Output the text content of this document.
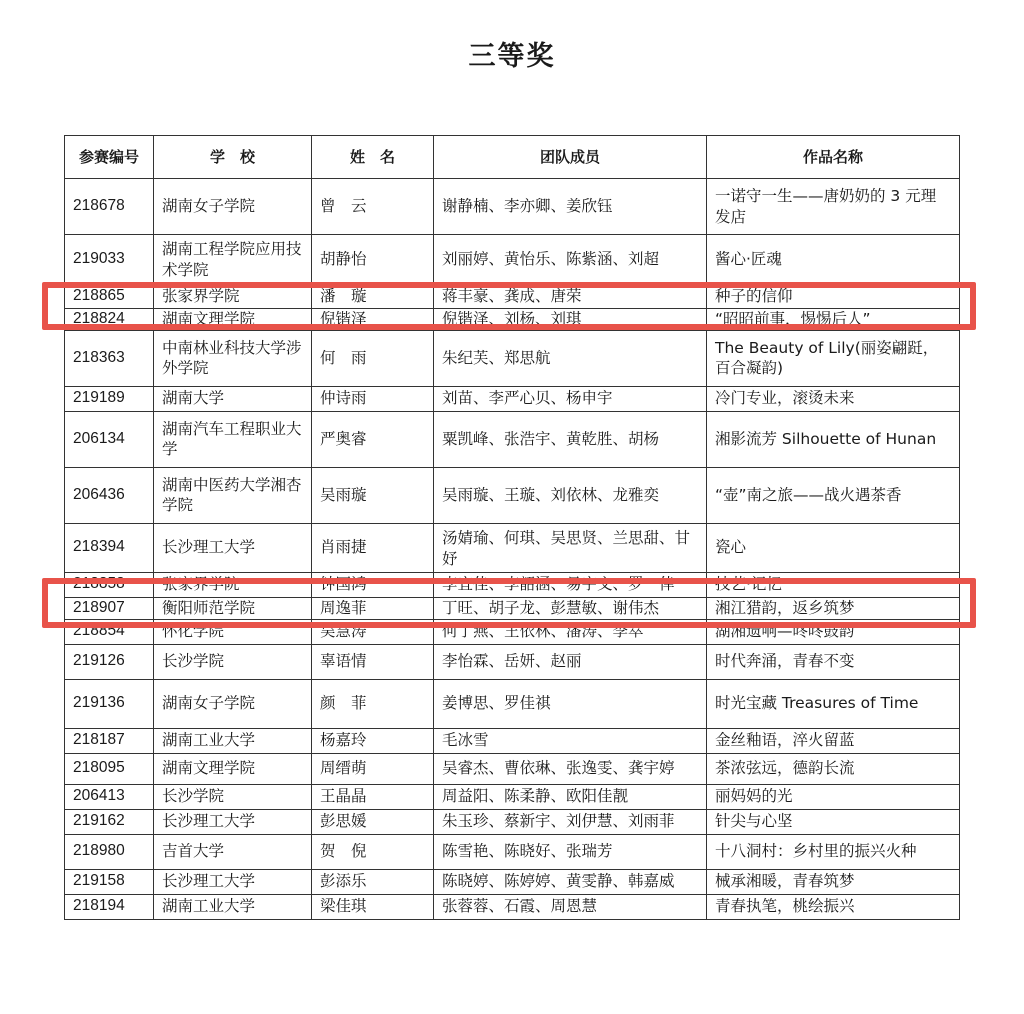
三等奖
参赛编号	学　校	姓　名	团队成员	作品名称
218678	湖南女子学院	曾　云	谢静楠、李亦卿、姜欣钰	一诺守一生——唐奶奶的 3 元理发店
219033	湖南工程学院应用技术学院	胡静怡	刘丽婷、黄怡乐、陈紫涵、刘超	酱心·匠魂
218865	张家界学院	潘　璇	蒋丰豪、龚成、唐荣	种子的信仰

218824	湖南文理学院	倪锴泽	倪锴泽、刘杨、刘琪	“昭昭前事，惕惕后人”

218363	中南林业科技大学涉外学院	何　雨	朱纪芙、郑思航	The Beauty of Lily(丽姿翩跹，百合凝韵)
219189	湖南大学	仲诗雨	刘苗、李严心贝、杨申宇	冷门专业，滚烫未来
206134	湖南汽车工程职业大学	严奥睿	粟凯峰、张浩宇、黄乾胜、胡杨	湘影流芳 Silhouette of Hunan
206436	湖南中医药大学湘杏学院	吴雨璇	吴雨璇、王璇、刘依林、龙雅奕	“壶”南之旅——战火遇茶香
218394	长沙理工大学	肖雨捷	汤婧瑜、何琪、吴思贤、兰思甜、甘妤	瓷心
218858	张家界学院	钟国鸿	李宜佳、李韶涵、易宇文、罗一倖	技艺·记忆

218907	衡阳师范学院	周逸菲	丁旺、胡子龙、彭慧敏、谢伟杰	湘江猎韵，返乡筑梦

218854	怀化学院	吴慧涛	何丁燕、王依林、潘涛、李萃	湖湘遗响—咚咚鼓韵
219126	长沙学院	辜语情	李怡霖、岳妍、赵丽	时代奔涌，青春不变
219136	湖南女子学院	颜　菲	姜博思、罗佳祺	时光宝藏 Treasures of Time
218187	湖南工业大学	杨嘉玲	毛冰雪	金丝釉语，淬火留蓝
218095	湖南文理学院	周缙萌	吴睿杰、曹依琳、张逸雯、龚宇婷	茶浓弦远，德韵长流
206413	长沙学院	王晶晶	周益阳、陈柔静、欧阳佳靓	丽妈妈的光
219162	长沙理工大学	彭思媛	朱玉珍、蔡新宇、刘伊慧、刘雨菲	针尖与心坚
218980	吉首大学	贺　倪	陈雪艳、陈晓好、张瑞芳	十八洞村：乡村里的振兴火种
219158	长沙理工大学	彭添乐	陈晓婷、陈婷婷、黄雯静、韩嘉威	械承湘暖，青春筑梦
218194	湖南工业大学	梁佳琪	张蓉蓉、石霞、周恩慧	青春执笔，桃绘振兴
